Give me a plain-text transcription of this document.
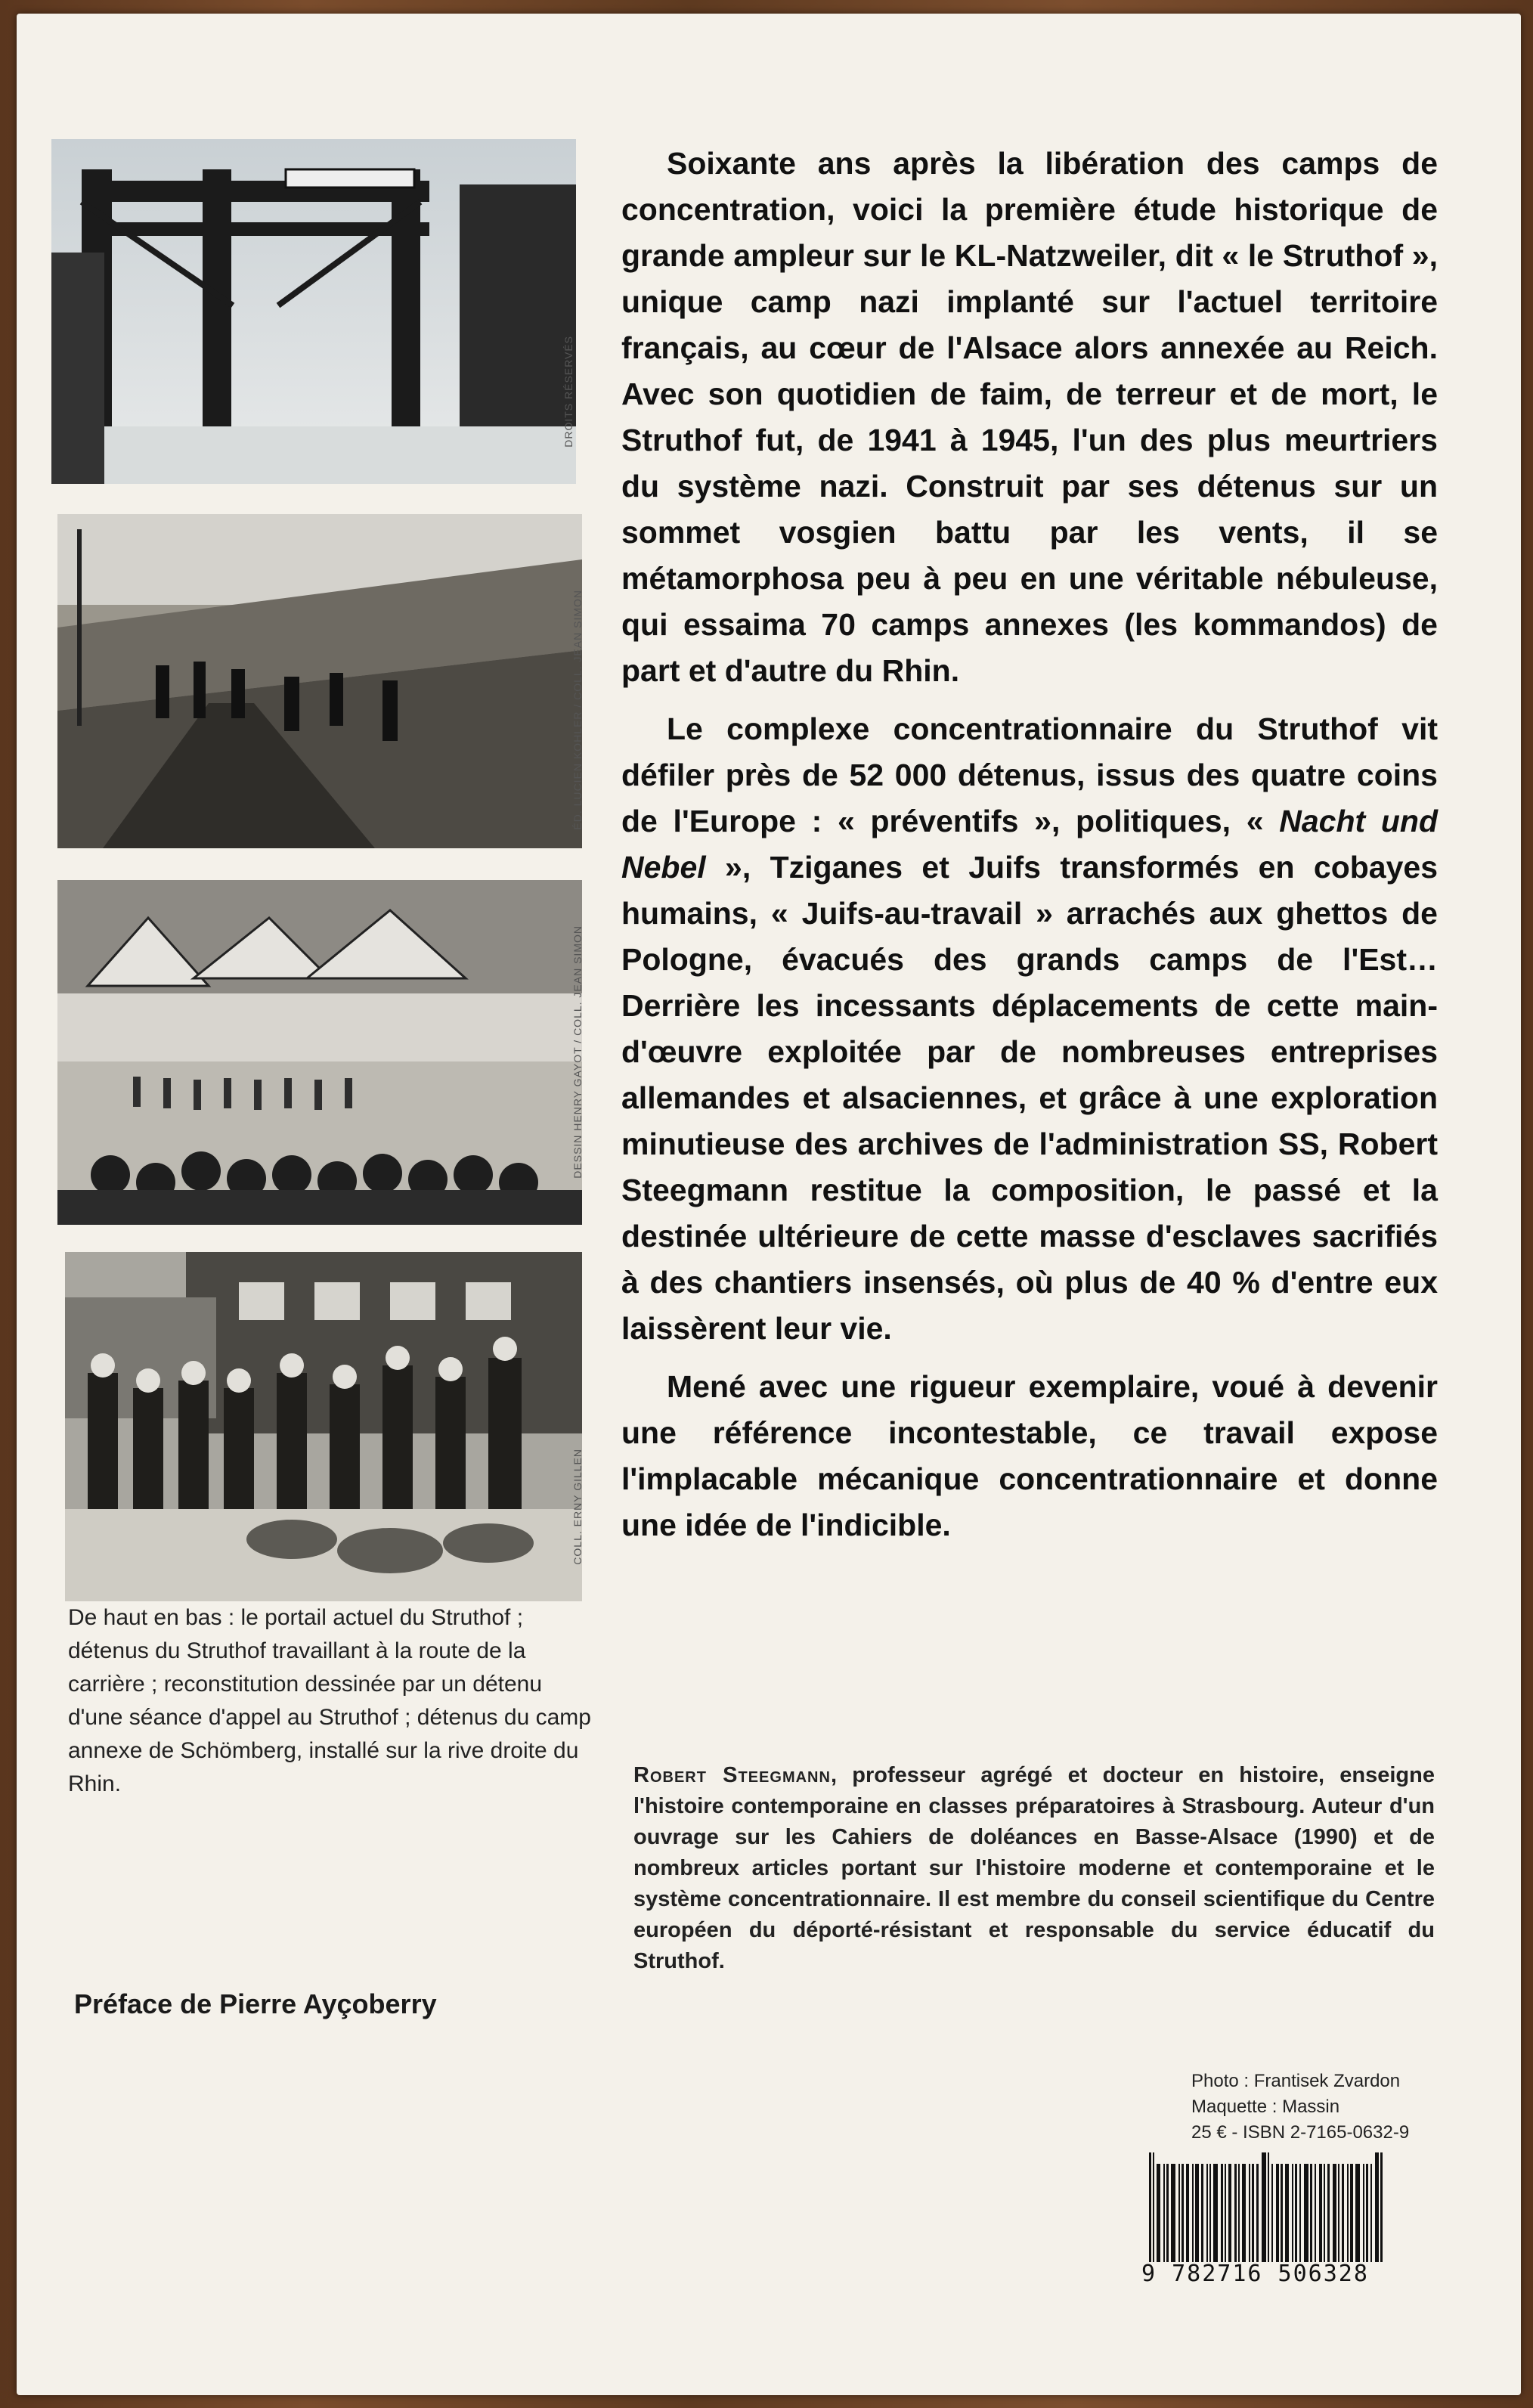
DROITS RÉSERVÉS
ÉD. LUCIEN KOHLER / COLL. JEAN SIMON
DESSIN HENRY GAYOT / COLL. JEAN SIMON
COLL. ERNY GILLEN
De haut en bas : le portail actuel du Struthof ; détenus du Struthof travaillant à la route de la carrière ; reconstitution dessinée par un détenu d'une séance d'appel au Struthof ; détenus du camp annexe de Schömberg, installé sur la rive droite du Rhin.

Soixante ans après la libération des camps de concentration, voici la première étude historique de grande ampleur sur le KL-Natzweiler, dit « le Struthof », unique camp nazi implanté sur l'actuel territoire français, au cœur de l'Alsace alors annexée au Reich. Avec son quotidien de faim, de terreur et de mort, le Struthof fut, de 1941 à 1945, l'un des plus meurtriers du système nazi. Construit par ses détenus sur un sommet vosgien battu par les vents, il se métamorphosa peu à peu en une véritable nébuleuse, qui essaima 70 camps annexes (les kommandos) de part et d'autre du Rhin.

Le complexe concentrationnaire du Struthof vit défiler près de 52 000 détenus, issus des quatre coins de l'Europe : « préventifs », politiques, « Nacht und Nebel », Tziganes et Juifs transformés en cobayes humains, « Juifs-au-travail » arrachés aux ghettos de Pologne, évacués des grands camps de l'Est… Derrière les incessants déplacements de cette main-d'œuvre exploitée par de nombreuses entreprises allemandes et alsaciennes, et grâce à une exploration minutieuse des archives de l'administration SS, Robert Steegmann restitue la composition, le passé et la destinée ultérieure de cette masse d'esclaves sacrifiés à des chantiers insensés, où plus de 40 % d'entre eux laissèrent leur vie.

Mené avec une rigueur exemplaire, voué à devenir une référence incontestable, ce travail expose l'implacable mécanique concentrationnaire et donne une idée de l'indicible.

Robert Steegmann, professeur agrégé et docteur en histoire, enseigne l'histoire contemporaine en classes préparatoires à Strasbourg. Auteur d'un ouvrage sur les Cahiers de doléances en Basse-Alsace (1990) et de nombreux articles portant sur l'histoire moderne et contemporaine et le système concentrationnaire. Il est membre du conseil scientifique du Centre européen du déporté-résistant et responsable du service éducatif du Struthof.
Préface de Pierre Ayçoberry
Photo : Frantisek Zvardon
Maquette : Massin
25 € - ISBN 2-7165-0632-9
9 782716 506328
